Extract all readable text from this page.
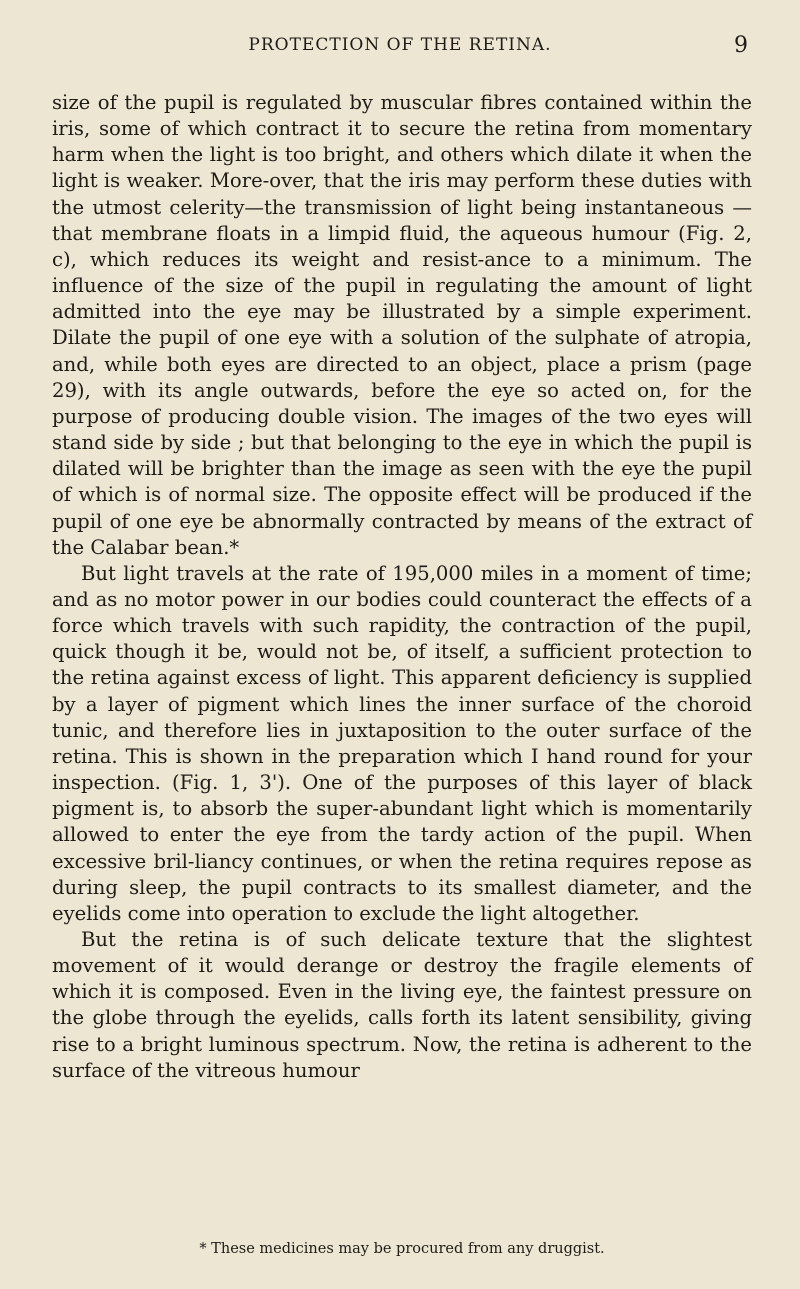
PROTECTION OF THE RETINA.	9

size of the pupil is regulated by muscular fibres contained within the iris, some of which contract it to secure the retina from momentary harm when the light is too bright, and others which dilate it when the light is weaker. More-over, that the iris may perform these duties with the utmost celerity—the transmission of light being instantaneous —that membrane floats in a limpid fluid, the aqueous humour (Fig. 2, c), which reduces its weight and resist-ance to a minimum. The influence of the size of the pupil in regulating the amount of light admitted into the eye may be illustrated by a simple experiment. Dilate the pupil of one eye with a solution of the sulphate of atropia, and, while both eyes are directed to an object, place a prism (page 29), with its angle outwards, before the eye so acted on, for the purpose of producing double vision. The images of the two eyes will stand side by side ; but that belonging to the eye in which the pupil is dilated will be brighter than the image as seen with the eye the pupil of which is of normal size. The opposite effect will be produced if the pupil of one eye be abnormally contracted by means of the extract of the Calabar bean.*

But light travels at the rate of 195,000 miles in a moment of time; and as no motor power in our bodies could counteract the effects of a force which travels with such rapidity, the contraction of the pupil, quick though it be, would not be, of itself, a sufficient protection to the retina against excess of light. This apparent deficiency is supplied by a layer of pigment which lines the inner surface of the choroid tunic, and therefore lies in juxtaposition to the outer surface of the retina. This is shown in the preparation which I hand round for your inspection. (Fig. 1, 3'). One of the purposes of this layer of black pigment is, to absorb the super-abundant light which is momentarily allowed to enter the eye from the tardy action of the pupil. When excessive bril-liancy continues, or when the retina requires repose as during sleep, the pupil contracts to its smallest diameter, and the eyelids come into operation to exclude the light altogether.

But the retina is of such delicate texture that the slightest movement of it would derange or destroy the fragile elements of which it is composed. Even in the living eye, the faintest pressure on the globe through the eyelids, calls forth its latent sensibility, giving rise to a bright luminous spectrum. Now, the retina is adherent to the surface of the vitreous humour

* These medicines may be procured from any druggist.
